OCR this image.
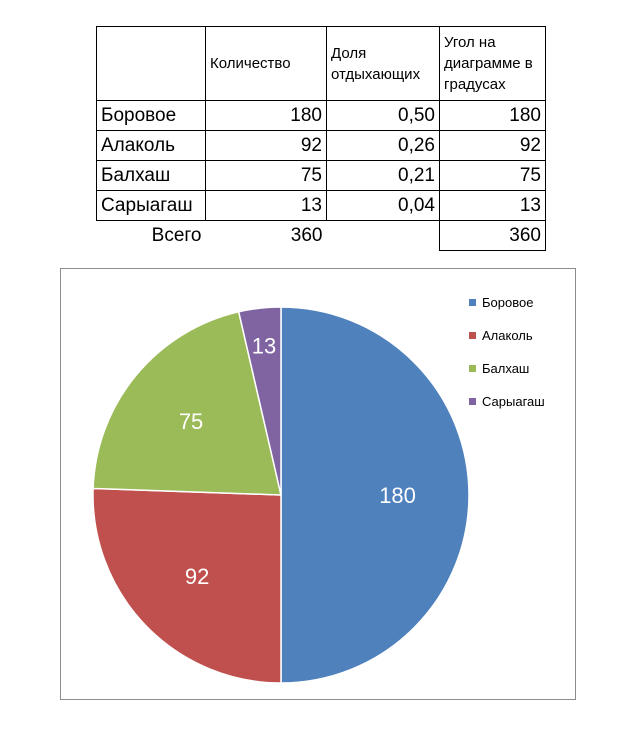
	Количество	Доля отдыхающих	Угол на диаграмме в градусах
Боровое	180	0,50	180
Алаколь	92	0,26	92
Балхаш	75	0,21	75
Сарыагаш	13	0,04	13
Всего	360		360
180
92
75
13
Боровое
Алаколь
Балхаш
Сарыагаш
